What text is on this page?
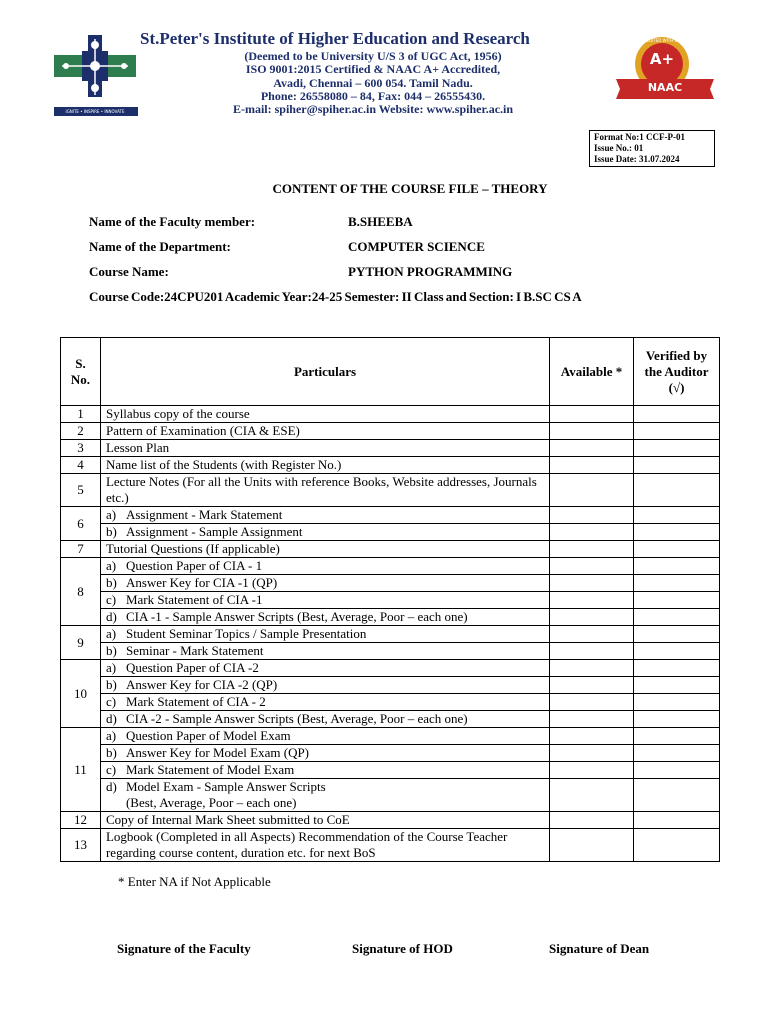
IGNITE • INSPIRE • INNOVATE
St.Peter's Institute of Higher Education and Research
(Deemed to be University U/S 3 of UGC Act, 1956)
ISO 9001:2015 Certified & NAAC A+ Accredited,
Avadi, Chennai – 600 054. Tamil Nadu.
Phone: 26558080 – 84, Fax: 044 – 26555430.
E-mail: spiher@spiher.ac.in Website: www.spiher.ac.in
A+
ACCREDITED WITH GRADE
NAAC
Format No:1 CCF-P-01
Issue No.: 01
Issue Date: 31.07.2024
CONTENT OF THE COURSE FILE – THEORY
Name of the Faculty member:	B.SHEEBA
Name of the Department:	COMPUTER SCIENCE
Course Name:	PYTHON PROGRAMMING
Course Code:24CPU201 Academic Year:24-25 Semester: II Class and Section: I B.SC CS A
S. No.	Particulars	Available *	Verified by the Auditor (√)
1	Syllabus copy of the course		
2	Pattern of Examination (CIA & ESE)		
3	Lesson Plan		
4	Name list of the Students (with Register No.)		
5	Lecture Notes (For all the Units with reference Books, Website addresses, Journals etc.)		
6	a) Assignment - Mark Statement		
	b) Assignment - Sample Assignment		
7	Tutorial Questions (If applicable)		
8	a) Question Paper of CIA - 1		
	b) Answer Key for CIA -1 (QP)		
	c) Mark Statement of CIA -1		
	d) CIA -1 - Sample Answer Scripts (Best, Average, Poor – each one)		
9	a) Student Seminar Topics / Sample Presentation		
	b) Seminar - Mark Statement		
10	a) Question Paper of CIA -2		
	b) Answer Key for CIA -2 (QP)		
	c) Mark Statement of CIA - 2		
	d) CIA -2 - Sample Answer Scripts (Best, Average, Poor – each one)		
11	a) Question Paper of Model Exam		
	b) Answer Key for Model Exam (QP)		
	c) Mark Statement of Model Exam		
	d) Model Exam - Sample Answer Scripts
(Best, Average, Poor – each one)		

12	Copy of Internal Mark Sheet submitted to CoE		
13	Logbook (Completed in all Aspects) Recommendation of the Course Teacher regarding course content, duration etc. for next BoS		
* Enter NA if Not Applicable
Signature of the Faculty	Signature of HOD	Signature of Dean
